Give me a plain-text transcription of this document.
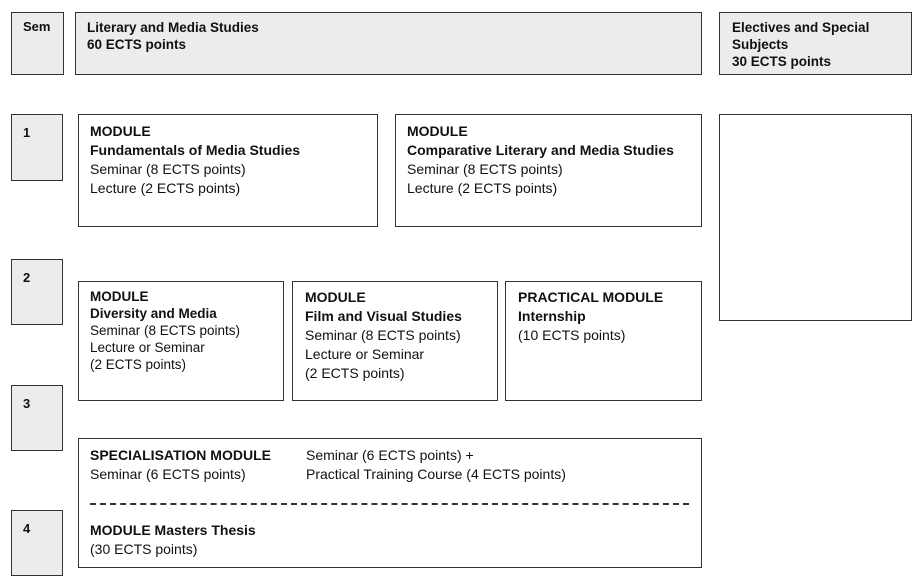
Sem	Literary and Media Studies
60 ECTS points
Electives and Special
Subjects
30 ECTS points
1
2
3
4
MODULE
Fundamentals of Media Studies
Seminar (8 ECTS points)
Lecture (2 ECTS points)
MODULE
Comparative Literary and Media Studies
Seminar (8 ECTS points)
Lecture (2 ECTS points)
MODULE
Diversity and Media
Seminar (8 ECTS points)
Lecture or Seminar
(2 ECTS points)
MODULE
Film and Visual Studies
Seminar (8 ECTS points)
Lecture or Seminar
(2 ECTS points)
PRACTICAL MODULE
Internship
(10 ECTS points)
SPECIALISATION MODULE
Seminar (6 ECTS points)
Seminar (6 ECTS points) +
Practical Training Course (4 ECTS points)
MODULE Masters Thesis
(30 ECTS points)
